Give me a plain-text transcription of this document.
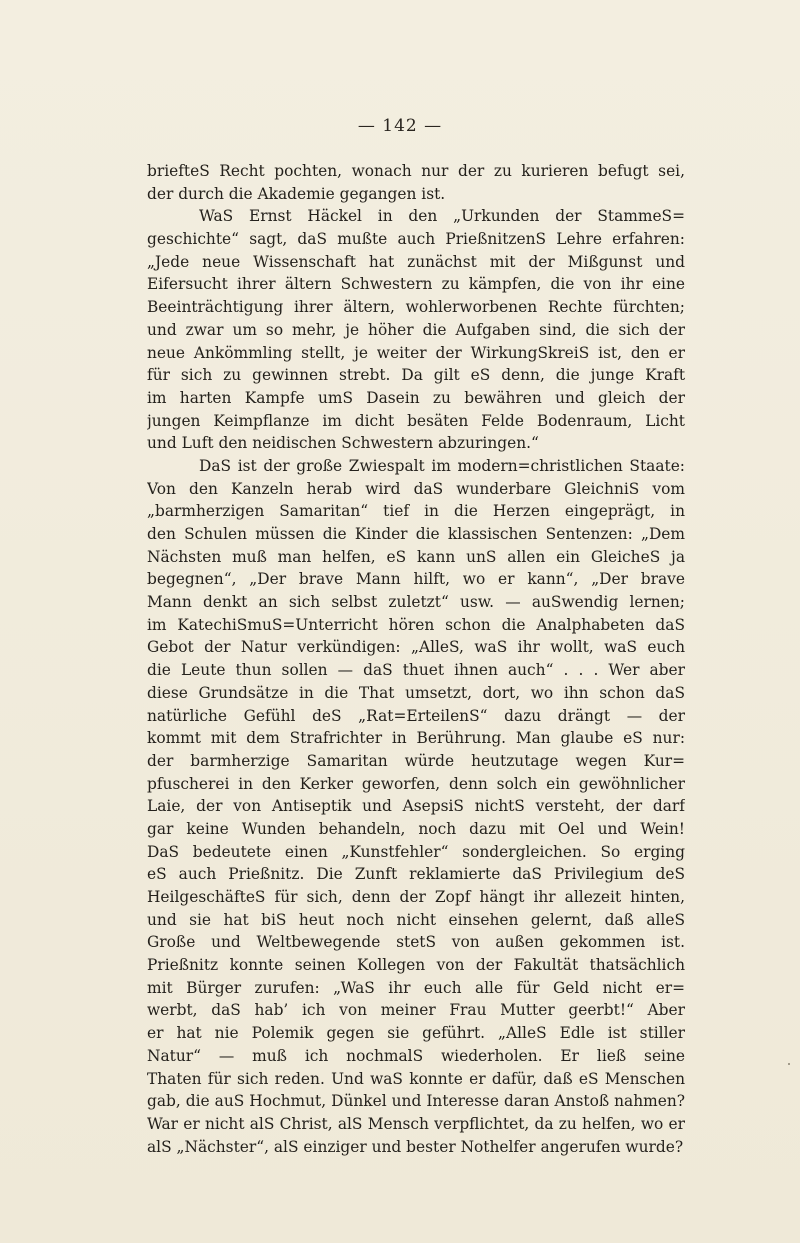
— 142 —
briefteS Recht pochten, wonach nur der zu kurieren befugt sei,
der durch die Akademie gegangen ist.
WaS Ernst Häckel in den „Urkunden der StammeS=
geschichte“ sagt, daS mußte auch PrießnitzenS Lehre erfahren:
„Jede neue Wissenschaft hat zunächst mit der Mißgunst und
Eifersucht ihrer ältern Schwestern zu kämpfen, die von ihr eine
Beeinträchtigung ihrer ältern, wohlerworbenen Rechte fürchten;
und zwar um so mehr, je höher die Aufgaben sind, die sich der
neue Ankömmling stellt, je weiter der WirkungSkreiS ist, den er
für sich zu gewinnen strebt. Da gilt eS denn, die junge Kraft
im harten Kampfe umS Dasein zu bewähren und gleich der
jungen Keimpflanze im dicht besäten Felde Bodenraum, Licht
und Luft den neidischen Schwestern abzuringen.“
DaS ist der große Zwiespalt im modern=christlichen Staate:
Von den Kanzeln herab wird daS wunderbare GleichniS vom
„barmherzigen Samaritan“ tief in die Herzen eingeprägt, in
den Schulen müssen die Kinder die klassischen Sentenzen: „Dem
Nächsten muß man helfen, eS kann unS allen ein GleicheS ja
begegnen“, „Der brave Mann hilft, wo er kann“, „Der brave
Mann denkt an sich selbst zuletzt“ usw. — auSwendig lernen;
im KatechiSmuS=Unterricht hören schon die Analphabeten daS
Gebot der Natur verkündigen: „AlleS, waS ihr wollt, waS euch
die Leute thun sollen — daS thuet ihnen auch“ . . . Wer aber
diese Grundsätze in die That umsetzt, dort, wo ihn schon daS
natürliche Gefühl deS „Rat=ErteilenS“ dazu drängt — der
kommt mit dem Strafrichter in Berührung. Man glaube eS nur:
der barmherzige Samaritan würde heutzutage wegen Kur=
pfuscherei in den Kerker geworfen, denn solch ein gewöhnlicher
Laie, der von Antiseptik und AsepsiS nichtS versteht, der darf
gar keine Wunden behandeln, noch dazu mit Oel und Wein!
DaS bedeutete einen „Kunstfehler“ sondergleichen. So erging
eS auch Prießnitz. Die Zunft reklamierte daS Privilegium deS
HeilgeschäfteS für sich, denn der Zopf hängt ihr allezeit hinten,
und sie hat biS heut noch nicht einsehen gelernt, daß alleS
Große und Weltbewegende stetS von außen gekommen ist.
Prießnitz konnte seinen Kollegen von der Fakultät thatsächlich
mit Bürger zurufen: „WaS ihr euch alle für Geld nicht er=
werbt, daS hab’ ich von meiner Frau Mutter geerbt!“ Aber
er hat nie Polemik gegen sie geführt. „AlleS Edle ist stiller
Natur“ — muß ich nochmalS wiederholen. Er ließ seine
Thaten für sich reden. Und waS konnte er dafür, daß eS Menschen
gab, die auS Hochmut, Dünkel und Interesse daran Anstoß nahmen?
War er nicht alS Christ, alS Mensch verpflichtet, da zu helfen, wo er
alS „Nächster“, alS einziger und bester Nothelfer angerufen wurde?
